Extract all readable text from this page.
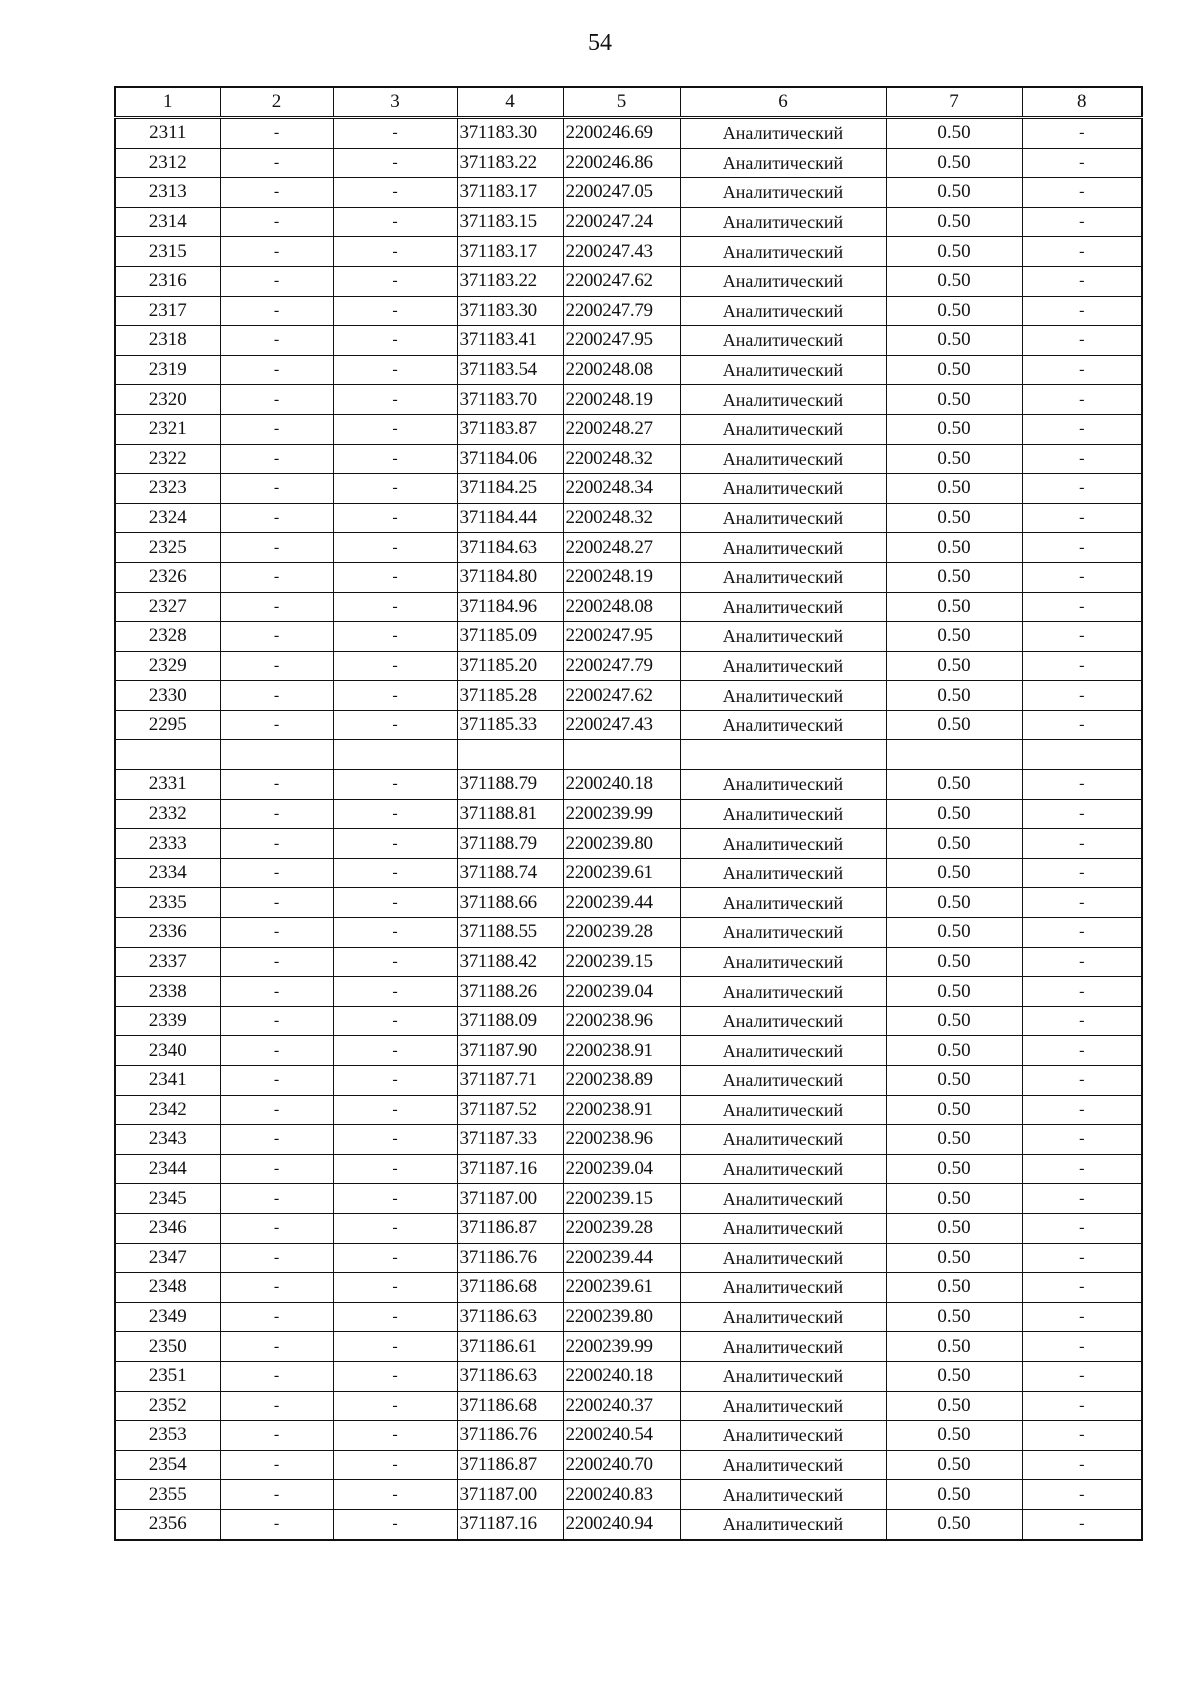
54
1	2	3	4	5	6	7	8
2311	-	-	371183.30	2200246.69	Аналитический	0.50	-
2312	-	-	371183.22	2200246.86	Аналитический	0.50	-
2313	-	-	371183.17	2200247.05	Аналитический	0.50	-
2314	-	-	371183.15	2200247.24	Аналитический	0.50	-
2315	-	-	371183.17	2200247.43	Аналитический	0.50	-
2316	-	-	371183.22	2200247.62	Аналитический	0.50	-
2317	-	-	371183.30	2200247.79	Аналитический	0.50	-
2318	-	-	371183.41	2200247.95	Аналитический	0.50	-
2319	-	-	371183.54	2200248.08	Аналитический	0.50	-
2320	-	-	371183.70	2200248.19	Аналитический	0.50	-
2321	-	-	371183.87	2200248.27	Аналитический	0.50	-
2322	-	-	371184.06	2200248.32	Аналитический	0.50	-
2323	-	-	371184.25	2200248.34	Аналитический	0.50	-
2324	-	-	371184.44	2200248.32	Аналитический	0.50	-
2325	-	-	371184.63	2200248.27	Аналитический	0.50	-
2326	-	-	371184.80	2200248.19	Аналитический	0.50	-
2327	-	-	371184.96	2200248.08	Аналитический	0.50	-
2328	-	-	371185.09	2200247.95	Аналитический	0.50	-
2329	-	-	371185.20	2200247.79	Аналитический	0.50	-
2330	-	-	371185.28	2200247.62	Аналитический	0.50	-
2295	-	-	371185.33	2200247.43	Аналитический	0.50	-

2331	-	-	371188.79	2200240.18	Аналитический	0.50	-
2332	-	-	371188.81	2200239.99	Аналитический	0.50	-
2333	-	-	371188.79	2200239.80	Аналитический	0.50	-
2334	-	-	371188.74	2200239.61	Аналитический	0.50	-
2335	-	-	371188.66	2200239.44	Аналитический	0.50	-
2336	-	-	371188.55	2200239.28	Аналитический	0.50	-
2337	-	-	371188.42	2200239.15	Аналитический	0.50	-
2338	-	-	371188.26	2200239.04	Аналитический	0.50	-
2339	-	-	371188.09	2200238.96	Аналитический	0.50	-
2340	-	-	371187.90	2200238.91	Аналитический	0.50	-
2341	-	-	371187.71	2200238.89	Аналитический	0.50	-
2342	-	-	371187.52	2200238.91	Аналитический	0.50	-
2343	-	-	371187.33	2200238.96	Аналитический	0.50	-
2344	-	-	371187.16	2200239.04	Аналитический	0.50	-
2345	-	-	371187.00	2200239.15	Аналитический	0.50	-
2346	-	-	371186.87	2200239.28	Аналитический	0.50	-
2347	-	-	371186.76	2200239.44	Аналитический	0.50	-
2348	-	-	371186.68	2200239.61	Аналитический	0.50	-
2349	-	-	371186.63	2200239.80	Аналитический	0.50	-
2350	-	-	371186.61	2200239.99	Аналитический	0.50	-
2351	-	-	371186.63	2200240.18	Аналитический	0.50	-
2352	-	-	371186.68	2200240.37	Аналитический	0.50	-
2353	-	-	371186.76	2200240.54	Аналитический	0.50	-
2354	-	-	371186.87	2200240.70	Аналитический	0.50	-
2355	-	-	371187.00	2200240.83	Аналитический	0.50	-
2356	-	-	371187.16	2200240.94	Аналитический	0.50	-
